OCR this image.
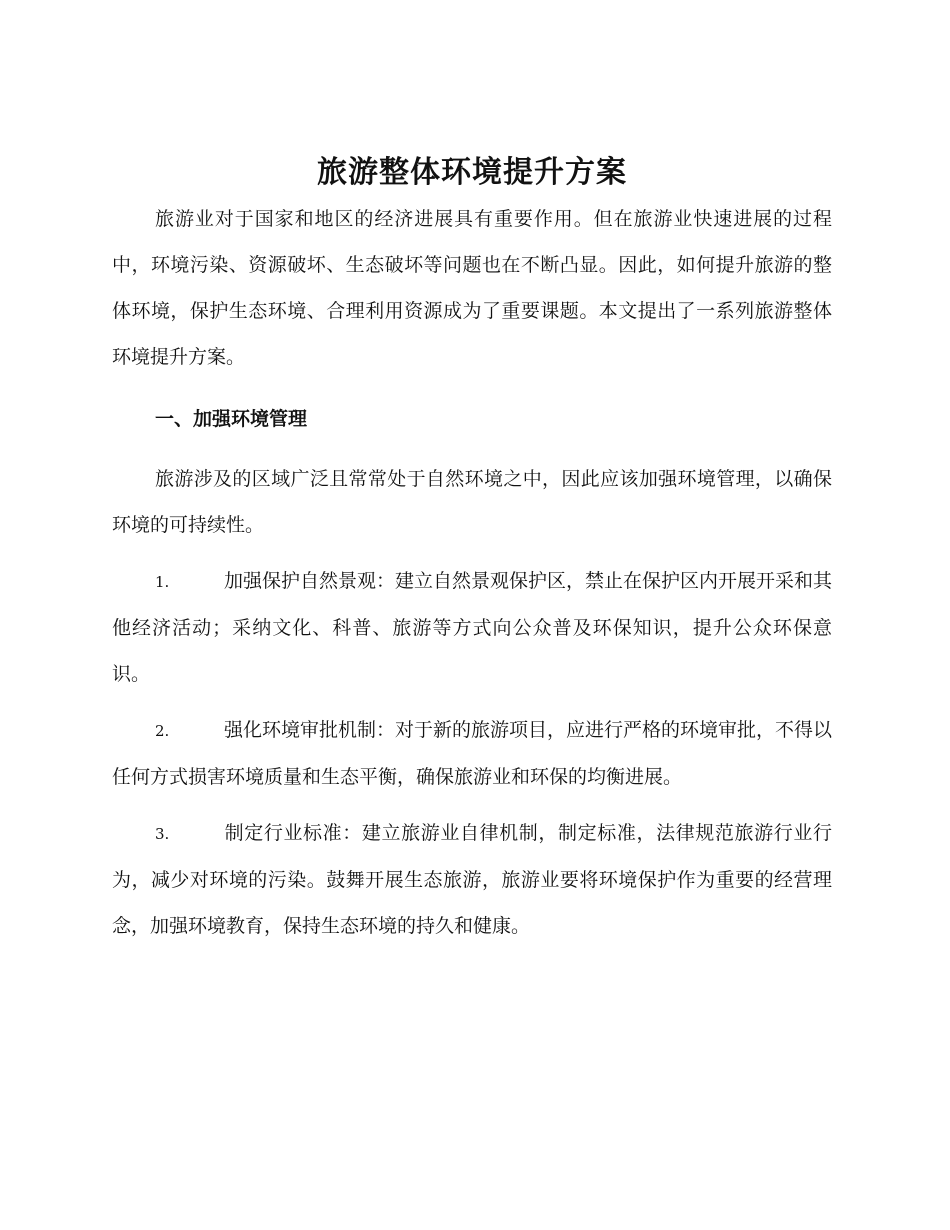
旅游整体环境提升方案

旅游业对于国家和地区的经济进展具有重要作用。但在旅游业快速进展的过程中，环境污染、资源破坏、生态破坏等问题也在不断凸显。因此，如何提升旅游的整体环境，保护生态环境、合理利用资源成为了重要课题。本文提出了一系列旅游整体环境提升方案。

一、加强环境管理

旅游涉及的区域广泛且常常处于自然环境之中，因此应该加强环境管理，以确保环境的可持续性。

1.	加强保护自然景观：建立自然景观保护区，禁止在保护区内开展开采和其他经济活动；采纳文化、科普、旅游等方式向公众普及环保知识，提升公众环保意识。

2.	强化环境审批机制：对于新的旅游项目，应进行严格的环境审批，不得以任何方式损害环境质量和生态平衡，确保旅游业和环保的均衡进展。

3.	制定行业标准：建立旅游业自律机制，制定标准，法律规范旅游行业行为，减少对环境的污染。鼓舞开展生态旅游，旅游业要将环境保护作为重要的经营理念，加强环境教育，保持生态环境的持久和健康。
